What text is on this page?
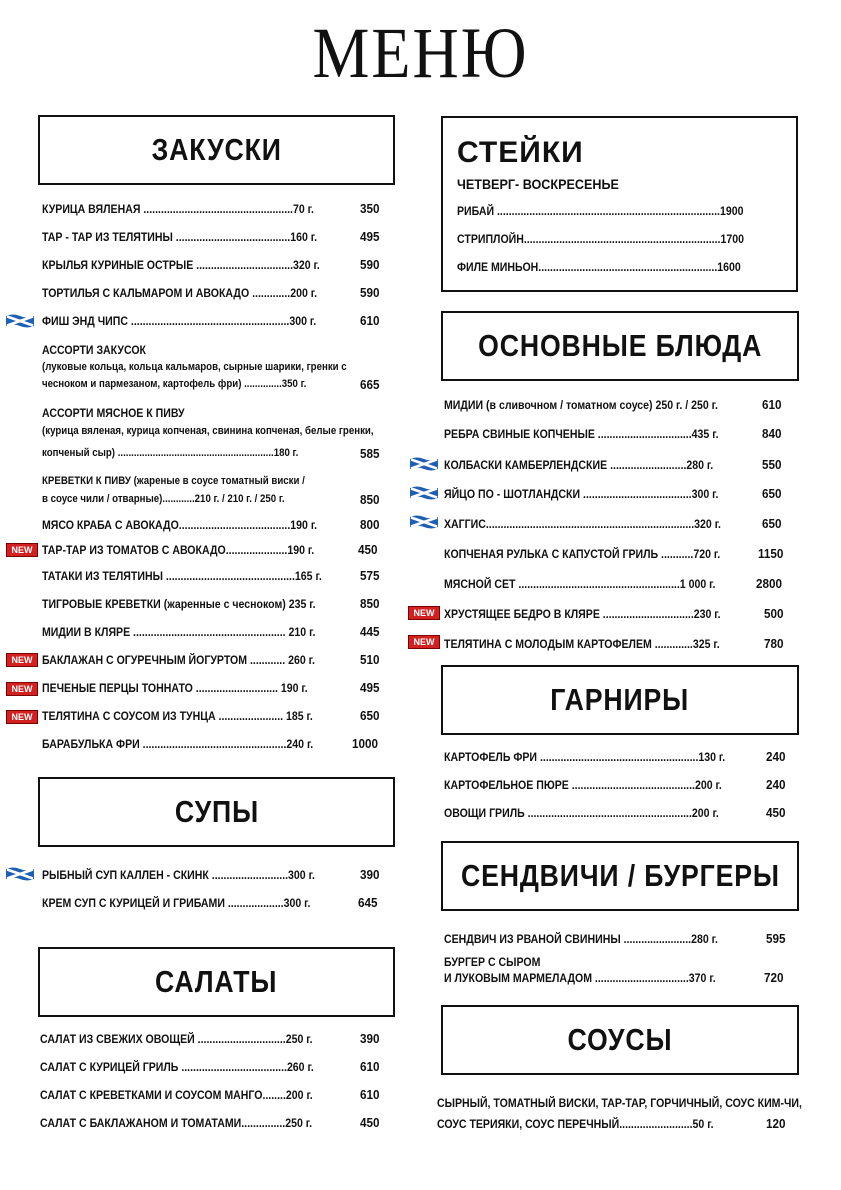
МЕНЮ
ЗАКУСКИ
КУРИЦА ВЯЛЕНАЯ ...................................................70 г.	350
ТАР - ТАР ИЗ ТЕЛЯТИНЫ .......................................160 г.	495
КРЫЛЬЯ КУРИНЫЕ ОСТРЫЕ .................................320 г.	590
ТОРТИЛЬЯ С КАЛЬМАРОМ И АВОКАДО .............200 г.	590
ФИШ ЭНД ЧИПС ......................................................300 г.	610
АССОРТИ ЗАКУСОК
(луковые кольца, кольца кальмаров, сырные шарики, гренки с
чесноком и пармезаном, картофель фри) ..............350 г.	665
АССОРТИ МЯСНОЕ К ПИВУ
(курица вяленая, курица копченая, свинина копченая, белые гренки,
копченый сыр) ..........................................................180 г.	585
КРЕВЕТКИ К ПИВУ (жареные в соусе томатный виски /
в соусе чили / отварные)............210 г. / 210 г. / 250 г.	850
МЯСО КРАБА С АВОКАДО......................................190 г.	800
NEW ТАР-ТАР ИЗ ТОМАТОВ С АВОКАДО.....................190 г.	450
ТАТАКИ ИЗ ТЕЛЯТИНЫ ............................................165 г.	575
ТИГРОВЫЕ КРЕВЕТКИ (жаренные с чесноком) 235 г.	850
МИДИИ В КЛЯРЕ .................................................... 210 г.	445
NEW БАКЛАЖАН С ОГУРЕЧНЫМ ЙОГУРТОМ ............ 260 г.	510
NEW ПЕЧЕНЫЕ ПЕРЦЫ ТОННАТО ............................ 190 г.	495
NEW ТЕЛЯТИНА С СОУСОМ ИЗ ТУНЦА ...................... 185 г.	650
БАРАБУЛЬКА ФРИ .................................................240 г.	1000
СУПЫ
РЫБНЫЙ СУП КАЛЛЕН - СКИНК ..........................300 г.	390
КРЕМ СУП С КУРИЦЕЙ И ГРИБАМИ ...................300 г.	645
САЛАТЫ
САЛАТ ИЗ СВЕЖИХ ОВОЩЕЙ ..............................250 г.	390
САЛАТ С КУРИЦЕЙ ГРИЛЬ ....................................260 г.	610
САЛАТ С КРЕВЕТКАМИ И СОУСОМ МАНГО........200 г.	610
САЛАТ С БАКЛАЖАНОМ И ТОМАТАМИ...............250 г.	450
СТЕЙКИ
ЧЕТВЕРГ- ВОСКРЕСЕНЬЕ
РИБАЙ ............................................................................1900
СТРИПЛОЙН...................................................................1700
ФИЛЕ МИНЬОН.............................................................1600
ОСНОВНЫЕ БЛЮДА
МИДИИ (в сливочном / томатном соусе) 250 г. / 250 г.	610
РЕБРА СВИНЫЕ КОПЧЕНЫЕ ................................435 г.	840
КОЛБАСКИ КАМБЕРЛЕНДСКИЕ ..........................280 г.	550
ЯЙЦО ПО - ШОТЛАНДСКИ .....................................300 г.	650
ХАГГИС.......................................................................320 г.	650
КОПЧЕНАЯ РУЛЬКА С КАПУСТОЙ ГРИЛЬ ...........720 г.	1150
МЯСНОЙ СЕТ .......................................................1 000 г.	2800
NEW ХРУСТЯЩЕЕ БЕДРО В КЛЯРЕ ...............................230 г.	500
NEW ТЕЛЯТИНА С МОЛОДЫМ КАРТОФЕЛЕМ .............325 г.	780
ГАРНИРЫ
КАРТОФЕЛЬ ФРИ ......................................................130 г.	240
КАРТОФЕЛЬНОЕ ПЮРЕ ..........................................200 г.	240
ОВОЩИ ГРИЛЬ ........................................................200 г.	450
СЕНДВИЧИ / БУРГЕРЫ
СЕНДВИЧ ИЗ РВАНОЙ СВИНИНЫ .......................280 г.	595
БУРГЕР С СЫРОМ
И ЛУКОВЫМ МАРМЕЛАДОМ ................................370 г.	720
СОУСЫ
СЫРНЫЙ, ТОМАТНЫЙ ВИСКИ, ТАР-ТАР, ГОРЧИЧНЫЙ, СОУС КИМ-ЧИ,
СОУС ТЕРИЯКИ, СОУС ПЕРЕЧНЫЙ.........................50 г.	120
